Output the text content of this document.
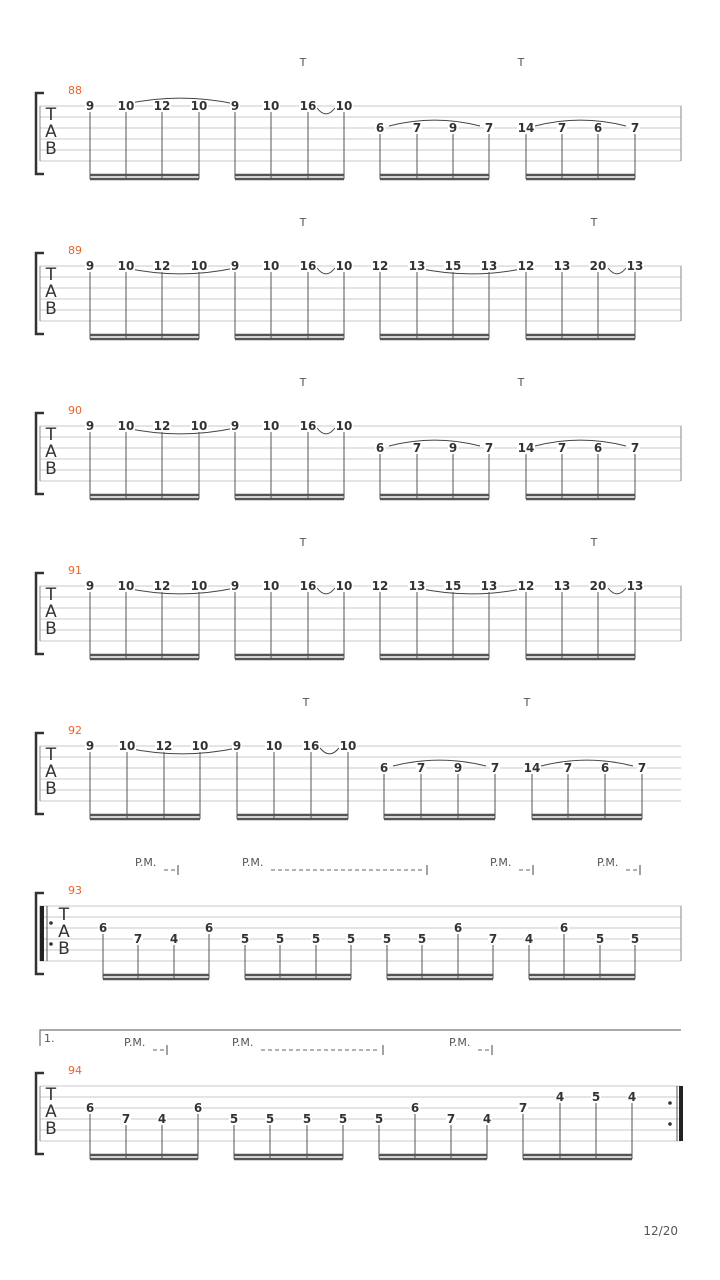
T
A
B
88
T	T
9 10 12 10 9 10 16 10
6 7 9 7 14 7 6 7
T
A
B
89
T	T
9 10 12 10 9 10 16 10 12 13 15 13 12 13 20 13
T
A
B
90
T	T
9 10 12 10 9 10 16 10
6 7 9 7 14 7 6 7
T
A
B
91
T	T
9 10 12 10 9 10 16 10 12 13 15 13 12 13 20 13
T
A
B
92
T	T
9 10 12 10 9 10 16 10
6 7 9 7 14 7 6 7
T
A
B
93
P.M.	P.M.	P.M.	P.M.
6
7 4
6
5 5 5 5 5 5
6
7 4
6
5 5
T
A
B
94
P.M.	P.M.	P.M.
1.
6
7 4
6
5 5 5 5 5
6
7 4
7
4 5 4
12/20
